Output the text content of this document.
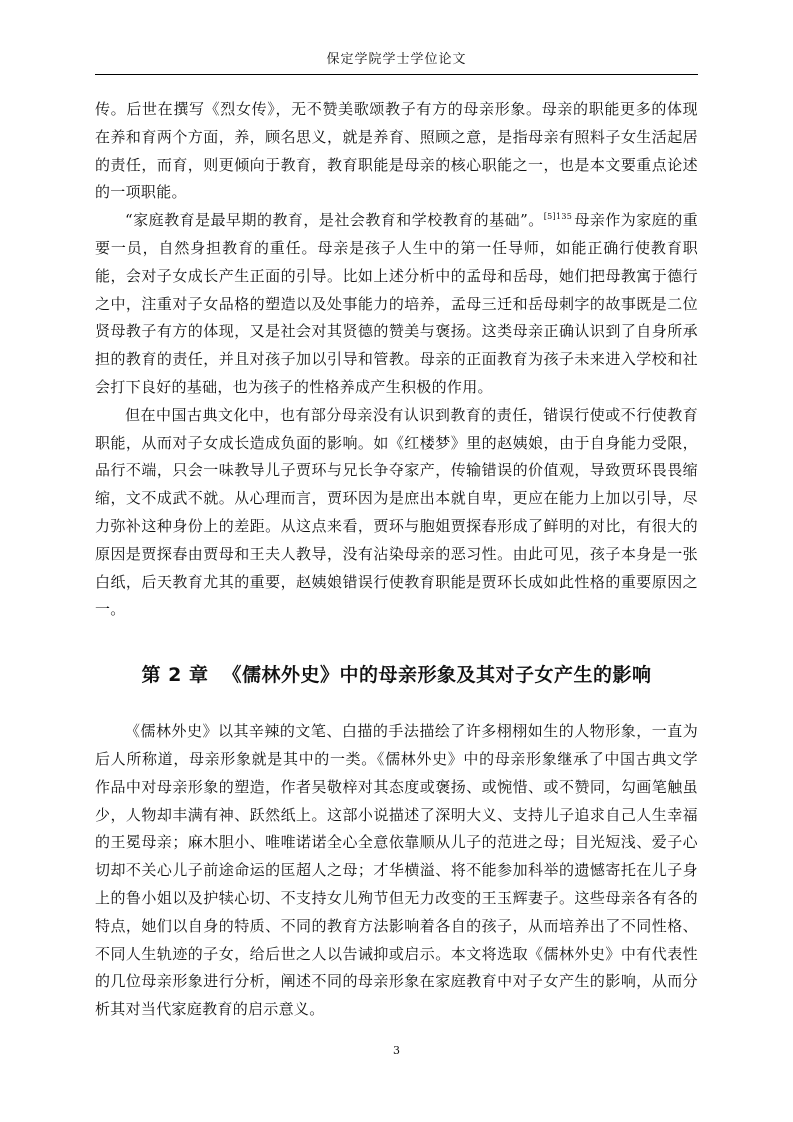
保定学院学士学位论文

传。后世在撰写《烈女传》，无不赞美歌颂教子有方的母亲形象。母亲的职能更多的体现在养和育两个方面，养，顾名思义，就是养育、照顾之意，是指母亲有照料子女生活起居的责任，而育，则更倾向于教育，教育职能是母亲的核心职能之一，也是本文要重点论述的一项职能。

“家庭教育是最早期的教育，是社会教育和学校教育的基础”。$^{[5]135}$ 母亲作为家庭的重要一员，自然身担教育的重任。母亲是孩子人生中的第一任导师，如能正确行使教育职能，会对子女成长产生正面的引导。比如上述分析中的孟母和岳母，她们把母教寓于德行之中，注重对子女品格的塑造以及处事能力的培养，孟母三迁和岳母刺字的故事既是二位贤母教子有方的体现，又是社会对其贤德的赞美与褒扬。这类母亲正确认识到了自身所承担的教育的责任，并且对孩子加以引导和管教。母亲的正面教育为孩子未来进入学校和社会打下良好的基础，也为孩子的性格养成产生积极的作用。

但在中国古典文化中，也有部分母亲没有认识到教育的责任，错误行使或不行使教育职能，从而对子女成长造成负面的影响。如《红楼梦》里的赵姨娘，由于自身能力受限，品行不端，只会一味教导儿子贾环与兄长争夺家产，传输错误的价值观，导致贾环畏畏缩缩，文不成武不就。从心理而言，贾环因为是庶出本就自卑，更应在能力上加以引导，尽力弥补这种身份上的差距。从这点来看，贾环与胞姐贾探春形成了鲜明的对比，有很大的原因是贾探春由贾母和王夫人教导，没有沾染母亲的恶习性。由此可见，孩子本身是一张白纸，后天教育尤其的重要，赵姨娘错误行使教育职能是贾环长成如此性格的重要原因之一。

第 2 章 《儒林外史》中的母亲形象及其对子女产生的影响

《儒林外史》以其辛辣的文笔、白描的手法描绘了许多栩栩如生的人物形象，一直为后人所称道，母亲形象就是其中的一类。《儒林外史》中的母亲形象继承了中国古典文学作品中对母亲形象的塑造，作者吴敬梓对其态度或褒扬、或惋惜、或不赞同，勾画笔触虽少，人物却丰满有神、跃然纸上。这部小说描述了深明大义、支持儿子追求自己人生幸福的王冕母亲；麻木胆小、唯唯诺诺全心全意依靠顺从儿子的范进之母；目光短浅、爱子心切却不关心儿子前途命运的匡超人之母；才华横溢、将不能参加科举的遗憾寄托在儿子身上的鲁小姐以及护犊心切、不支持女儿殉节但无力改变的王玉辉妻子。这些母亲各有各的特点，她们以自身的特质、不同的教育方法影响着各自的孩子，从而培养出了不同性格、不同人生轨迹的子女，给后世之人以告诫抑或启示。本文将选取《儒林外史》中有代表性的几位母亲形象进行分析，阐述不同的母亲形象在家庭教育中对子女产生的影响，从而分析其对当代家庭教育的启示意义。

3
